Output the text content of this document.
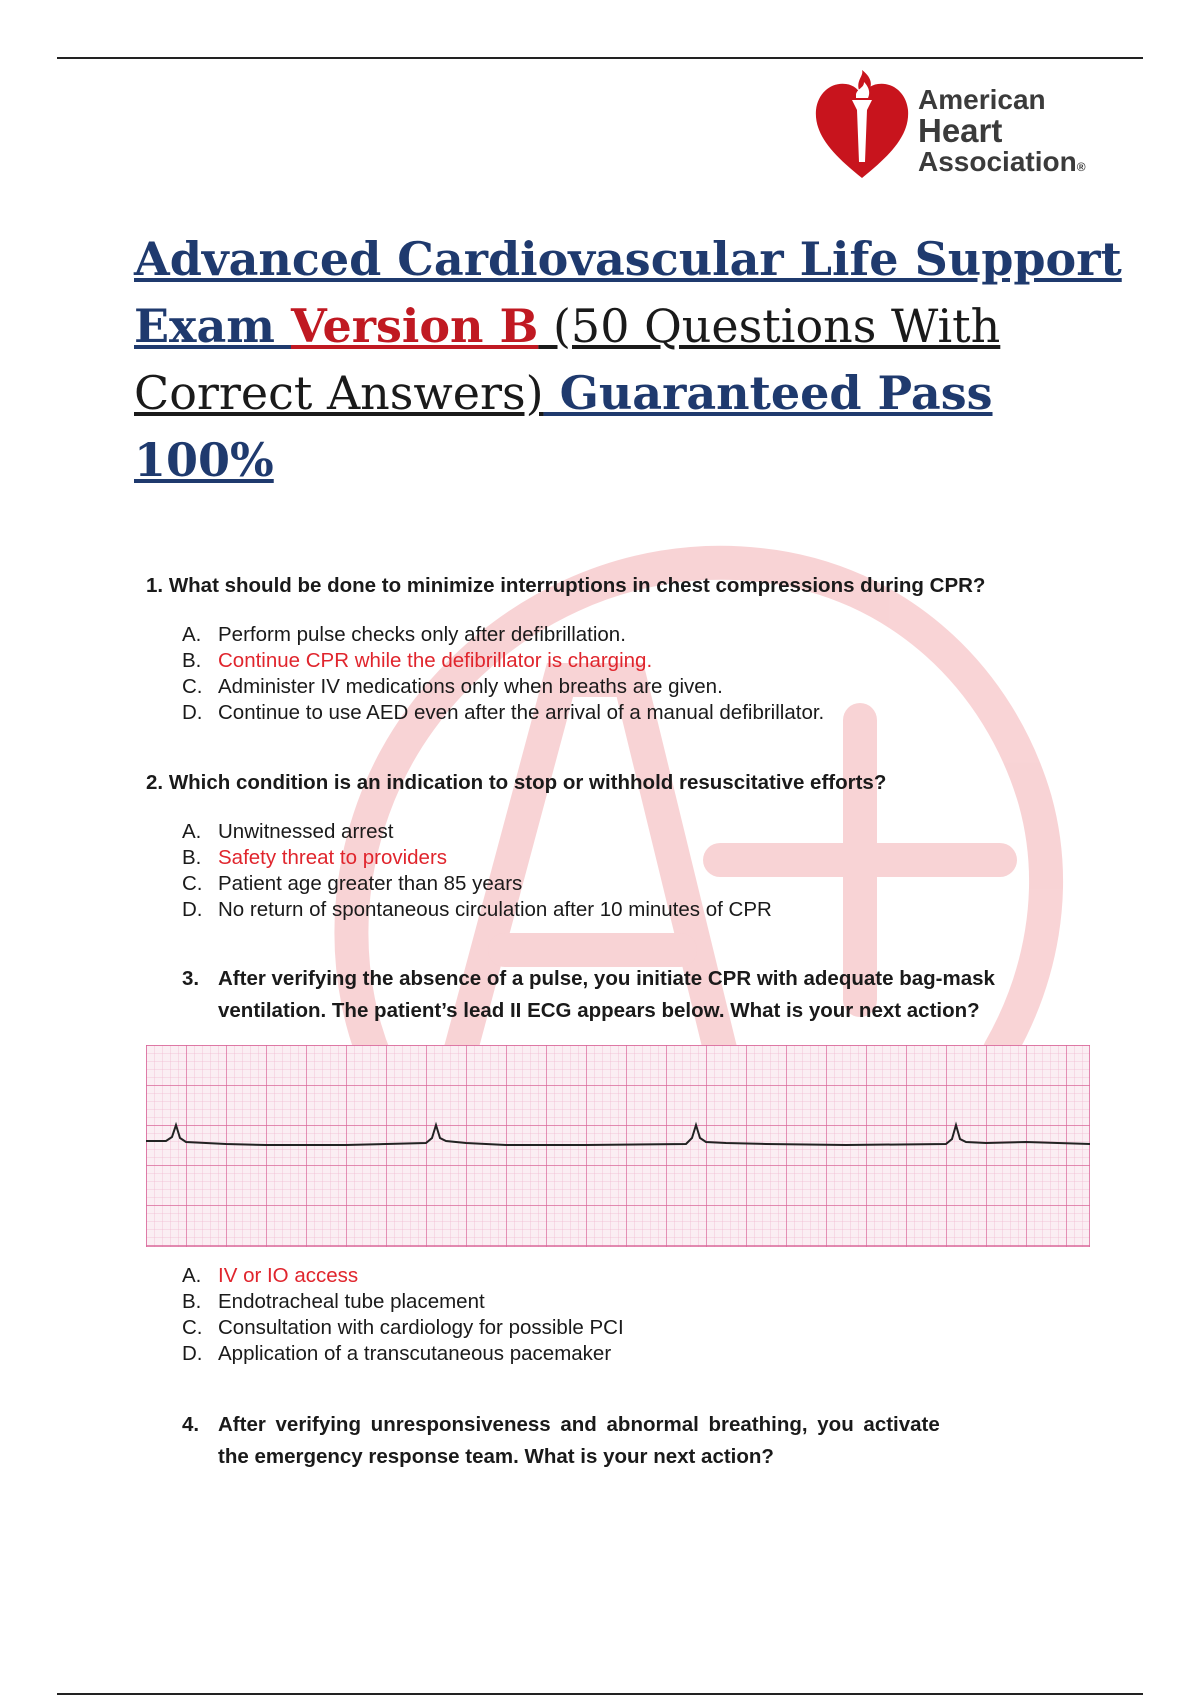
American
Heart
Association®
Advanced Cardiovascular Life Support Exam Version B (50 Questions With Correct Answers) Guaranteed Pass 100%
1. What should be done to minimize interruptions in chest compressions during CPR?
A. Perform pulse checks only after defibrillation.
B. Continue CPR while the defibrillator is charging.
C. Administer IV medications only when breaths are given.
D. Continue to use AED even after the arrival of a manual defibrillator.
2. Which condition is an indication to stop or withhold resuscitative efforts?
A. Unwitnessed arrest
B. Safety threat to providers
C. Patient age greater than 85 years
D. No return of spontaneous circulation after 10 minutes of CPR
3. After verifying the absence of a pulse, you initiate CPR with adequate bag-mask
ventilation. The patient’s lead II ECG appears below. What is your next action?
A. IV or IO access
B. Endotracheal tube placement
C. Consultation with cardiology for possible PCI
D. Application of a transcutaneous pacemaker
4. After verifying unresponsiveness and abnormal breathing, you activate
the emergency response team. What is your next action?
